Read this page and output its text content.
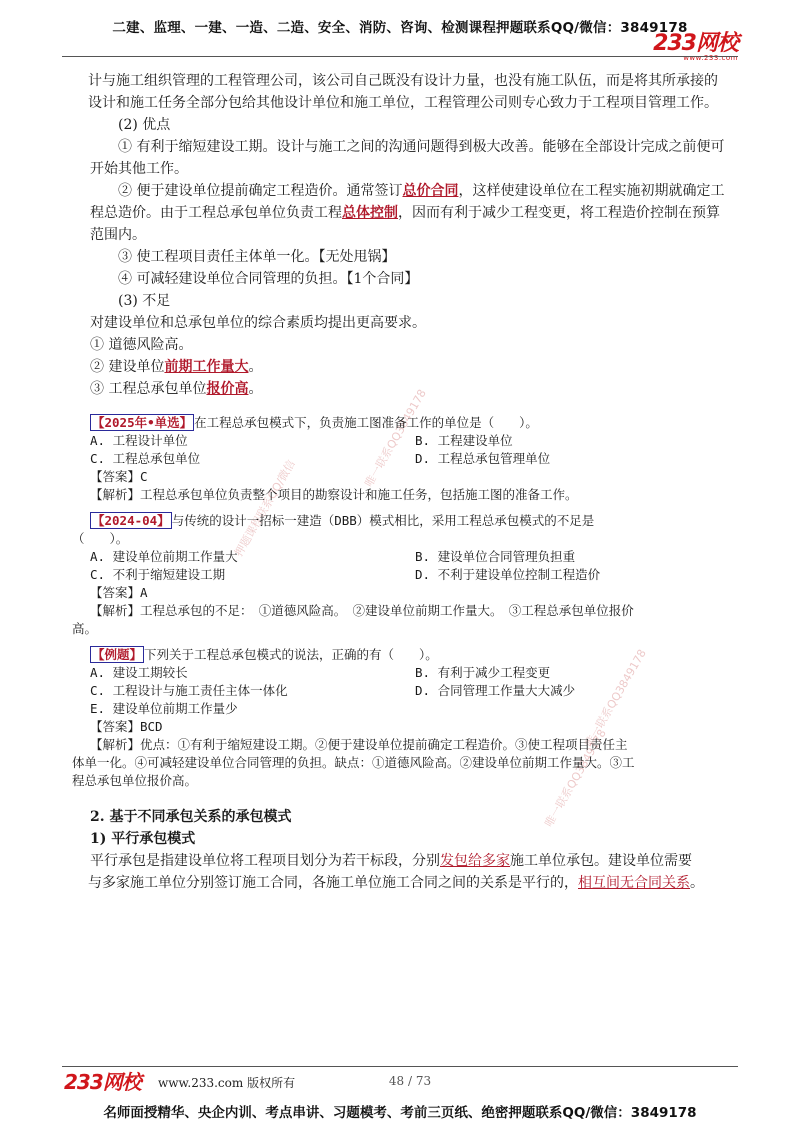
二建、监理、一建、一造、二造、安全、消防、咨询、检测课程押题联系QQ/微信：3849178
233网校
www.233.com
唯一联系QQ3849178
押题课程联系QQ/微信
唯一联系QQ3849178
唯一联系QQ3849178

计与施工组织管理的工程管理公司，该公司自己既没有设计力量，也没有施工队伍，而是将其所承接的

设计和施工任务全部分包给其他设计单位和施工单位，工程管理公司则专心致力于工程项目管理工作。

(2) 优点

① 有利于缩短建设工期。设计与施工之间的沟通问题得到极大改善。能够在全部设计完成之前便可

开始其他工作。

② 便于建设单位提前确定工程造价。通常签订总价合同，这样使建设单位在工程实施初期就确定工

程总造价。由于工程总承包单位负责工程总体控制，因而有利于减少工程变更，将工程造价控制在预算

范围内。

③ 使工程项目责任主体单一化。【无处甩锅】

④ 可减轻建设单位合同管理的负担。【1个合同】

(3) 不足

对建设单位和总承包单位的综合素质均提出更高要求。

① 道德风险高。

② 建设单位前期工作量大。

③ 工程总承包单位报价高。

【2025年•单选】 在工程总承包模式下，负责施工图准备工作的单位是（　　）。

A. 工程设计单位	B. 工程建设单位
C. 工程总承包单位	D. 工程总承包管理单位

【答案】C

【解析】工程总承包单位负责整个项目的勘察设计和施工任务，包括施工图的准备工作。

【2024-04】 与传统的设计一招标一建造（DBB）模式相比，采用工程总承包模式的不足是

（　　）。

A. 建设单位前期工作量大	B. 建设单位合同管理负担重
C. 不利于缩短建设工期	D. 不利于建设单位控制工程造价

【答案】A

【解析】工程总承包的不足：　①道德风险高。　②建设单位前期工作量大。　③工程总承包单位报价

高。

【例题】 下列关于工程总承包模式的说法，正确的有（　　）。

A. 建设工期较长	B. 有利于减少工程变更
C. 工程设计与施工责任主体一体化	D. 合同管理工作量大大减少

E. 建设单位前期工作量少

【答案】BCD

【解析】优点：①有利于缩短建设工期。②便于建设单位提前确定工程造价。③使工程项目责任主

体单一化。④可减轻建设单位合同管理的负担。缺点：①道德风险高。②建设单位前期工作量大。③工

程总承包单位报价高。

2. 基于不同承包关系的承包模式

1) 平行承包模式

平行承包是指建设单位将工程项目划分为若干标段，分别发包给多家施工单位承包。建设单位需要

与多家施工单位分别签订施工合同，各施工单位施工合同之间的关系是平行的，相互间无合同关系。

233网校 www.233.com 版权所有	48 / 73
名师面授精华、央企内训、考点串讲、习题模考、考前三页纸、绝密押题联系QQ/微信：3849178
